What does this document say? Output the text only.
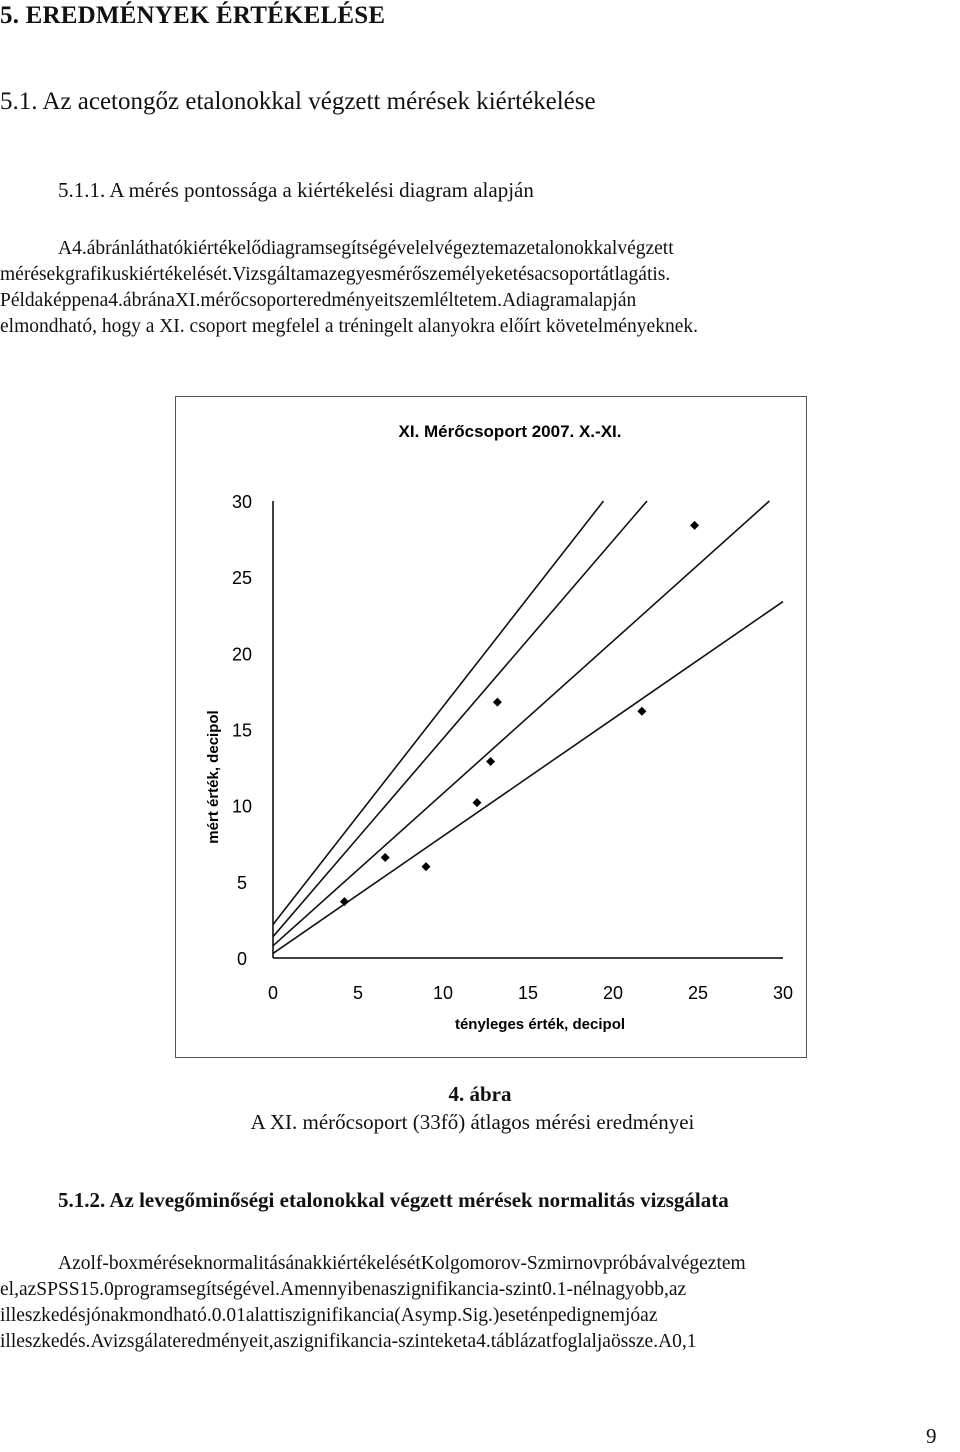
5. EREDMÉNYEK ÉRTÉKELÉSE
5.1. Az acetongőz etalonokkal végzett mérések kiértékelése
5.1.1. A mérés pontossága a kiértékelési diagram alapján
A4.ábránláthatókiértékelődiagramsegítségévelelvégeztemazetalonokkalvégzett
mérésekgrafikuskiértékelését.Vizsgáltamazegyesmérőszemélyeketésacsoportátlagátis.
Példaképpena4.ábránaXI.mérőcsoporteredményeitszemléltetem.Adiagramalapján
elmondható, hogy a XI. csoport megfelel a tréningelt alanyokra előírt követelményeknek.
XI. Mérőcsoport 2007. X.-XI.
mért érték, decipol
tényleges érték, decipol
30
25
20
15
10
5
0
0	5	10	15	20	25	30
4. ábra
A XI. mérőcsoport (33fő) átlagos mérési eredményei
5.1.2. Az levegőminőségi etalonokkal végzett mérések normalitás vizsgálata
Azolf-boxméréseknormalitásánakkiértékelésétKolgomorov-Szmirnovpróbávalvégeztem
el,azSPSS15.0programsegítségével.Amennyibenaszignifikancia-szint0.1-nélnagyobb,az
illeszkedésjónakmondható.0.01alattiszignifikancia(Asymp.Sig.)eseténpedignemjóaz
illeszkedés.Avizsgálateredményeit,aszignifikancia-szinteketa4.táblázatfoglaljaössze.A0,1
9
